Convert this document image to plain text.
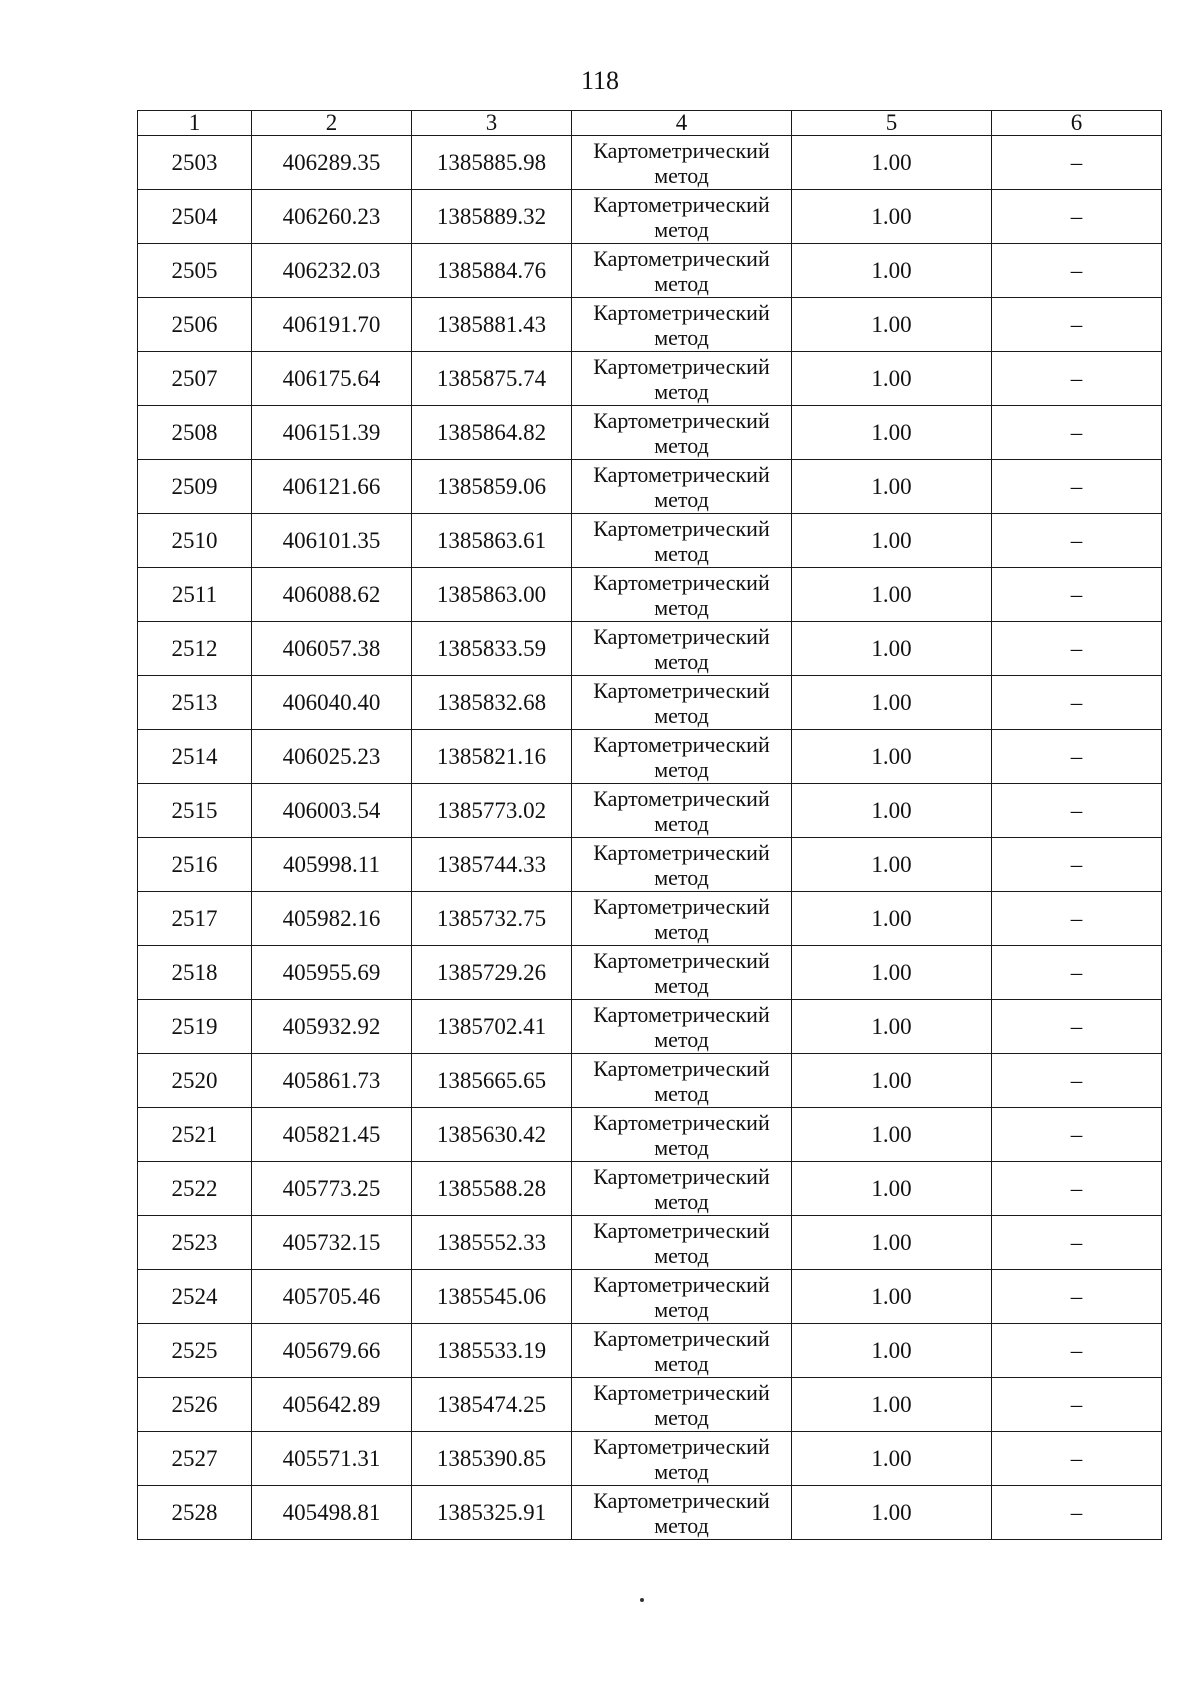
118
1	2	3	4	5	6
2503	406289.35	1385885.98	Картометрический метод	1.00	–
2504	406260.23	1385889.32	Картометрический метод	1.00	–
2505	406232.03	1385884.76	Картометрический метод	1.00	–
2506	406191.70	1385881.43	Картометрический метод	1.00	–
2507	406175.64	1385875.74	Картометрический метод	1.00	–
2508	406151.39	1385864.82	Картометрический метод	1.00	–
2509	406121.66	1385859.06	Картометрический метод	1.00	–
2510	406101.35	1385863.61	Картометрический метод	1.00	–
2511	406088.62	1385863.00	Картометрический метод	1.00	–
2512	406057.38	1385833.59	Картометрический метод	1.00	–
2513	406040.40	1385832.68	Картометрический метод	1.00	–
2514	406025.23	1385821.16	Картометрический метод	1.00	–
2515	406003.54	1385773.02	Картометрический метод	1.00	–
2516	405998.11	1385744.33	Картометрический метод	1.00	–
2517	405982.16	1385732.75	Картометрический метод	1.00	–
2518	405955.69	1385729.26	Картометрический метод	1.00	–
2519	405932.92	1385702.41	Картометрический метод	1.00	–
2520	405861.73	1385665.65	Картометрический метод	1.00	–
2521	405821.45	1385630.42	Картометрический метод	1.00	–
2522	405773.25	1385588.28	Картометрический метод	1.00	–
2523	405732.15	1385552.33	Картометрический метод	1.00	–
2524	405705.46	1385545.06	Картометрический метод	1.00	–
2525	405679.66	1385533.19	Картометрический метод	1.00	–
2526	405642.89	1385474.25	Картометрический метод	1.00	–
2527	405571.31	1385390.85	Картометрический метод	1.00	–
2528	405498.81	1385325.91	Картометрический метод	1.00	–
